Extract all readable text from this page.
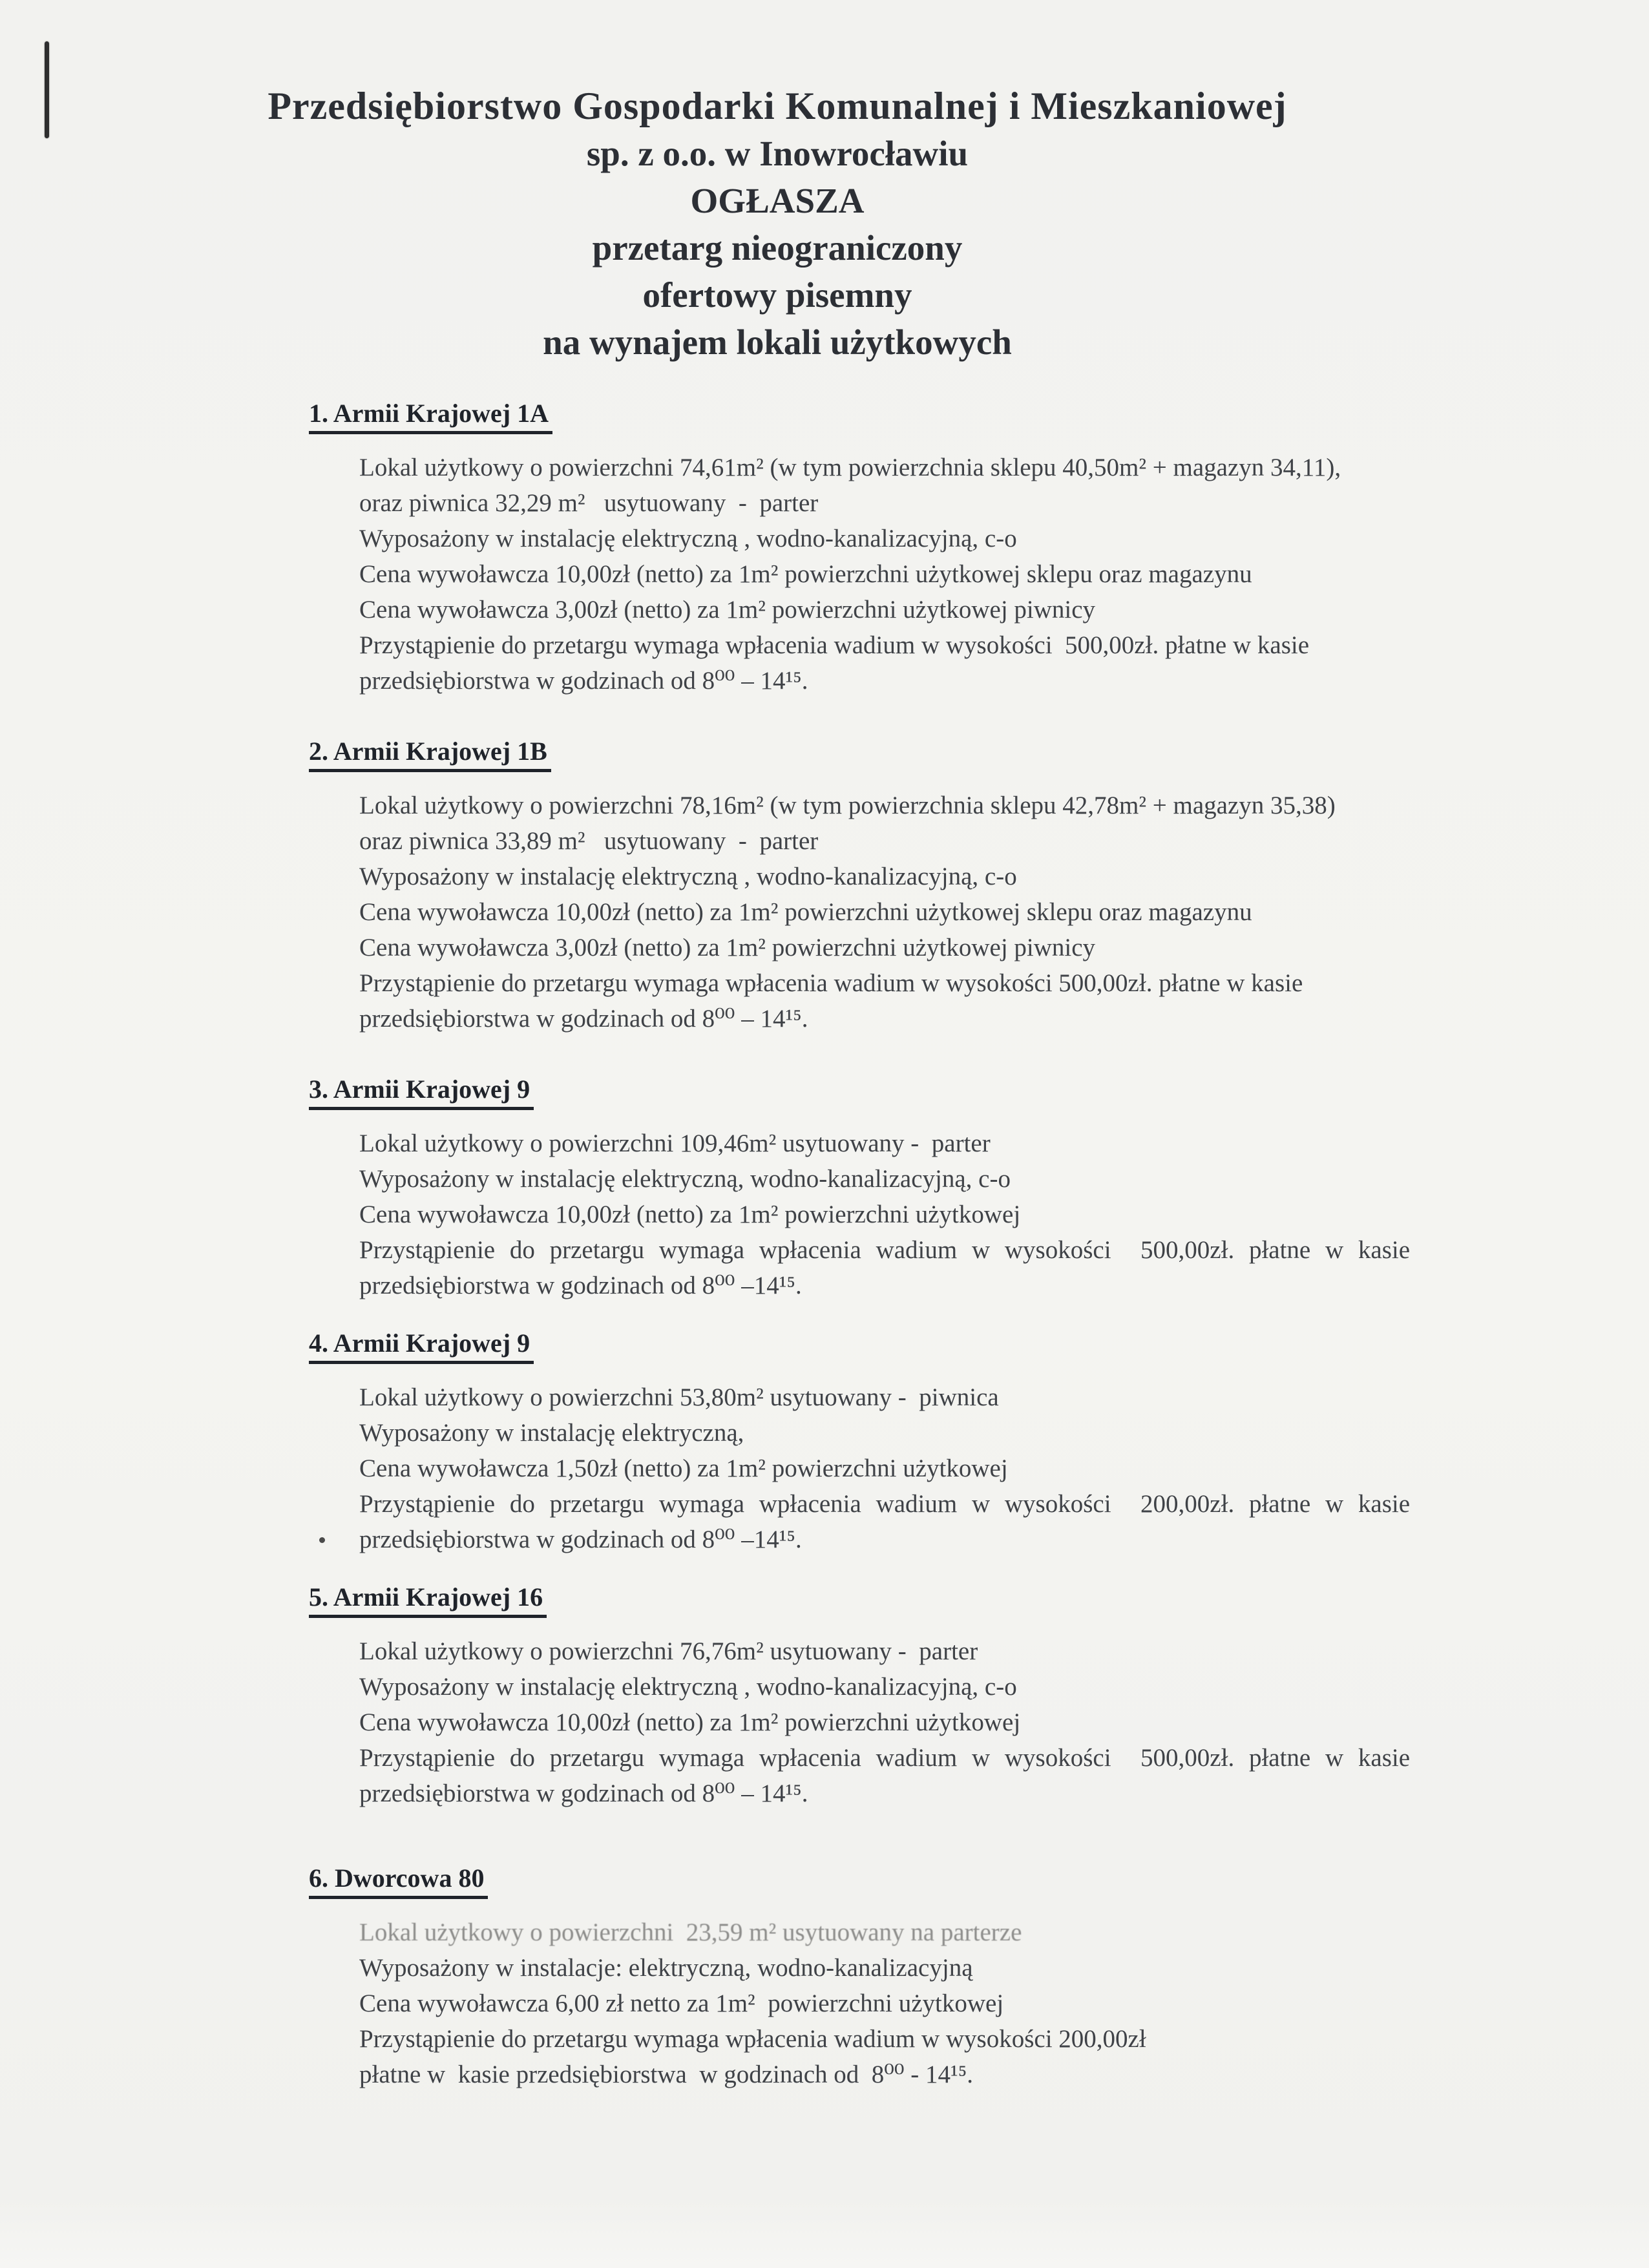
Przedsiębiorstwo Gospodarki Komunalnej i Mieszkaniowej
sp. z o.o. w Inowrocławiu
OGŁASZA
przetarg nieograniczony
ofertowy pisemny
na wynajem lokali użytkowych
1. Armii Krajowej 1A
Lokal użytkowy o powierzchni 74,61m² (w tym powierzchnia sklepu 40,50m² + magazyn 34,11),
oraz piwnica 32,29 m²   usytuowany  -  parter
Wyposażony w instalację elektryczną , wodno-kanalizacyjną, c-o
Cena wywoławcza 10,00zł (netto) za 1m² powierzchni użytkowej sklepu oraz magazynu
Cena wywoławcza 3,00zł (netto) za 1m² powierzchni użytkowej piwnicy
Przystąpienie do przetargu wymaga wpłacenia wadium w wysokości  500,00zł. płatne w kasie
przedsiębiorstwa w godzinach od 8⁰⁰ – 14¹⁵.
2. Armii Krajowej 1B
Lokal użytkowy o powierzchni 78,16m² (w tym powierzchnia sklepu 42,78m² + magazyn 35,38)
oraz piwnica 33,89 m²   usytuowany  -  parter
Wyposażony w instalację elektryczną , wodno-kanalizacyjną, c-o
Cena wywoławcza 10,00zł (netto) za 1m² powierzchni użytkowej sklepu oraz magazynu
Cena wywoławcza 3,00zł (netto) za 1m² powierzchni użytkowej piwnicy
Przystąpienie do przetargu wymaga wpłacenia wadium w wysokości 500,00zł. płatne w kasie
przedsiębiorstwa w godzinach od 8⁰⁰ – 14¹⁵.
3. Armii Krajowej 9
Lokal użytkowy o powierzchni 109,46m² usytuowany -  parter
Wyposażony w instalację elektryczną, wodno-kanalizacyjną, c-o
Cena wywoławcza 10,00zł (netto) za 1m² powierzchni użytkowej
Przystąpienie do przetargu wymaga wpłacenia wadium w wysokości  500,00zł. płatne w kasie
przedsiębiorstwa w godzinach od 8⁰⁰ –14¹⁵.
4. Armii Krajowej 9
Lokal użytkowy o powierzchni 53,80m² usytuowany -  piwnica
Wyposażony w instalację elektryczną,
Cena wywoławcza 1,50zł (netto) za 1m² powierzchni użytkowej
Przystąpienie do przetargu wymaga wpłacenia wadium w wysokości  200,00zł. płatne w kasie
przedsiębiorstwa w godzinach od 8⁰⁰ –14¹⁵.
5. Armii Krajowej 16
Lokal użytkowy o powierzchni 76,76m² usytuowany -  parter
Wyposażony w instalację elektryczną , wodno-kanalizacyjną, c-o
Cena wywoławcza 10,00zł (netto) za 1m² powierzchni użytkowej
Przystąpienie do przetargu wymaga wpłacenia wadium w wysokości  500,00zł. płatne w kasie
przedsiębiorstwa w godzinach od 8⁰⁰ – 14¹⁵.
6. Dworcowa 80
Lokal użytkowy o powierzchni  23,59 m² usytuowany na parterze
Wyposażony w instalacje: elektryczną, wodno-kanalizacyjną
Cena wywoławcza 6,00 zł netto za 1m²  powierzchni użytkowej
Przystąpienie do przetargu wymaga wpłacenia wadium w wysokości 200,00zł
płatne w  kasie przedsiębiorstwa  w godzinach od  8⁰⁰ - 14¹⁵.
